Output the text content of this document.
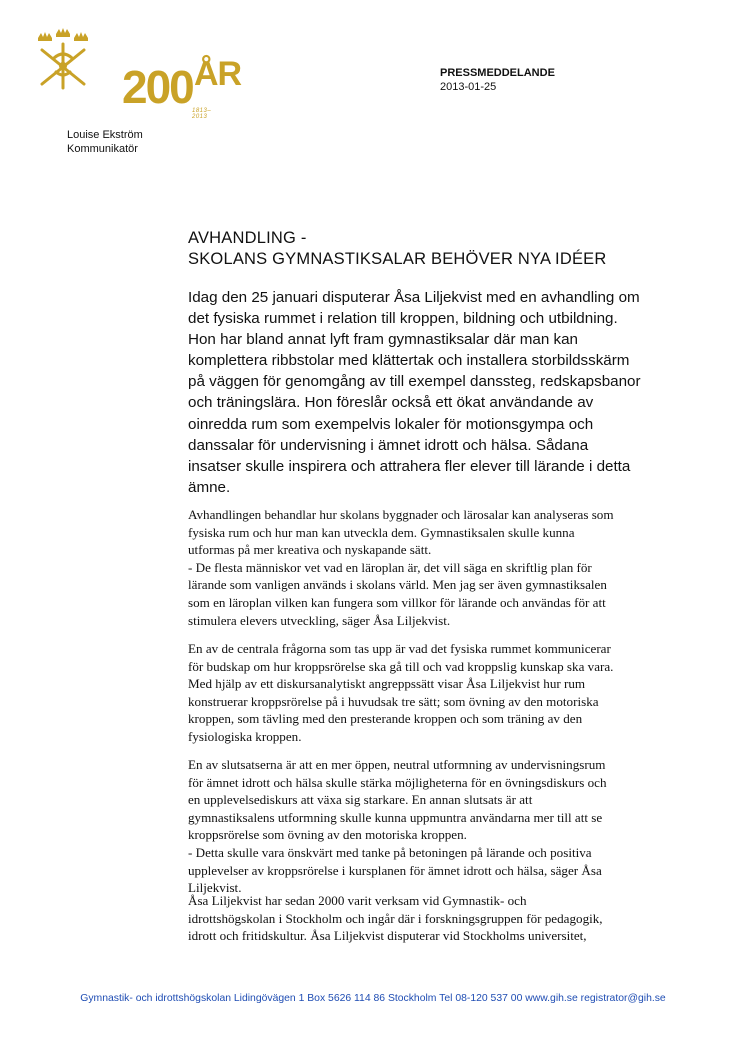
200 ÅR
1813–2013
PRESSMEDDELANDE
2013-01-25
Louise Ekström
Kommunikatör
AVHANDLING -
SKOLANS GYMNASTIKSALAR BEHÖVER NYA IDÉER
Idag den 25 januari disputerar Åsa Liljekvist med en avhandling om
det fysiska rummet i relation till kroppen, bildning och utbildning.
Hon har bland annat lyft fram gymnastiksalar där man kan
komplettera ribbstolar med klättertak och installera storbildsskärm
på väggen för genomgång av till exempel danssteg, redskapsbanor
och träningslära. Hon föreslår också ett ökat användande av
oinredda rum som exempelvis lokaler för motionsgympa och
danssalar för undervisning i ämnet idrott och hälsa. Sådana
insatser skulle inspirera och attrahera fler elever till lärande i detta
ämne.
Avhandlingen behandlar hur skolans byggnader och lärosalar kan analyseras som
fysiska rum och hur man kan utveckla dem. Gymnastiksalen skulle kunna
utformas på mer kreativa och nyskapande sätt.
- De flesta människor vet vad en läroplan är, det vill säga en skriftlig plan för
lärande som vanligen används i skolans värld. Men jag ser även gymnastiksalen
som en läroplan vilken kan fungera som villkor för lärande och användas för att
stimulera elevers utveckling, säger Åsa Liljekvist.
En av de centrala frågorna som tas upp är vad det fysiska rummet kommunicerar
för budskap om hur kroppsrörelse ska gå till och vad kroppslig kunskap ska vara.
Med hjälp av ett diskursanalytiskt angreppssätt visar Åsa Liljekvist hur rum
konstruerar kroppsrörelse på i huvudsak tre sätt; som övning av den motoriska
kroppen, som tävling med den presterande kroppen och som träning av den
fysiologiska kroppen.
En av slutsatserna är att en mer öppen, neutral utformning av undervisningsrum
för ämnet idrott och hälsa skulle stärka möjligheterna för en övningsdiskurs och
en upplevelsediskurs att växa sig starkare. En annan slutsats är att
gymnastiksalens utformning skulle kunna uppmuntra användarna mer till att se
kroppsrörelse som övning av den motoriska kroppen.
- Detta skulle vara önskvärt med tanke på betoningen på lärande och positiva
upplevelser av kroppsrörelse i kursplanen för ämnet idrott och hälsa, säger Åsa
Liljekvist.
Åsa Liljekvist har sedan 2000 varit verksam vid Gymnastik- och
idrottshögskolan i Stockholm och ingår där i forskningsgruppen för pedagogik,
idrott och fritidskultur. Åsa Liljekvist disputerar vid Stockholms universitet,
Gymnastik- och idrottshögskolan Lidingövägen 1 Box 5626 114 86 Stockholm Tel 08-120 537 00 www.gih.se registrator@gih.se
